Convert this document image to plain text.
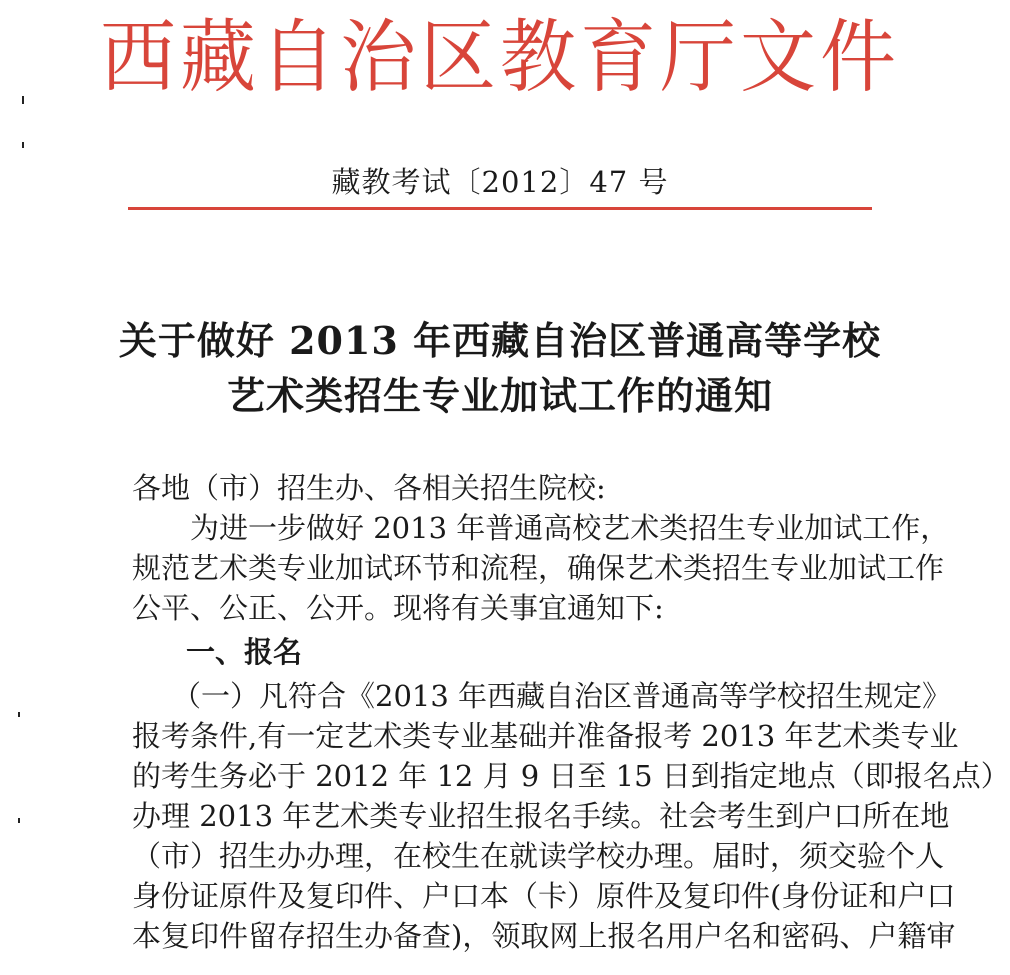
西藏自治区教育厅文件
藏教考试〔2012〕47 号
关于做好 2013 年西藏自治区普通高等学校
艺术类招生专业加试工作的通知
各地（市）招生办、各相关招生院校:
为进一步做好 2013 年普通高校艺术类招生专业加试工作，
规范艺术类专业加试环节和流程，确保艺术类招生专业加试工作
公平、公正、公开。现将有关事宜通知下:
一、报名
（一）凡符合《2013 年西藏自治区普通高等学校招生规定》
报考条件,有一定艺术类专业基础并准备报考 2013 年艺术类专业
的考生务必于 2012 年 12 月 9 日至 15 日到指定地点（即报名点）
办理 2013 年艺术类专业招生报名手续。社会考生到户口所在地
（市）招生办办理，在校生在就读学校办理。届时，须交验个人
身份证原件及复印件、户口本（卡）原件及复印件(身份证和户口
本复印件留存招生办备查)，领取网上报名用户名和密码、户籍审
